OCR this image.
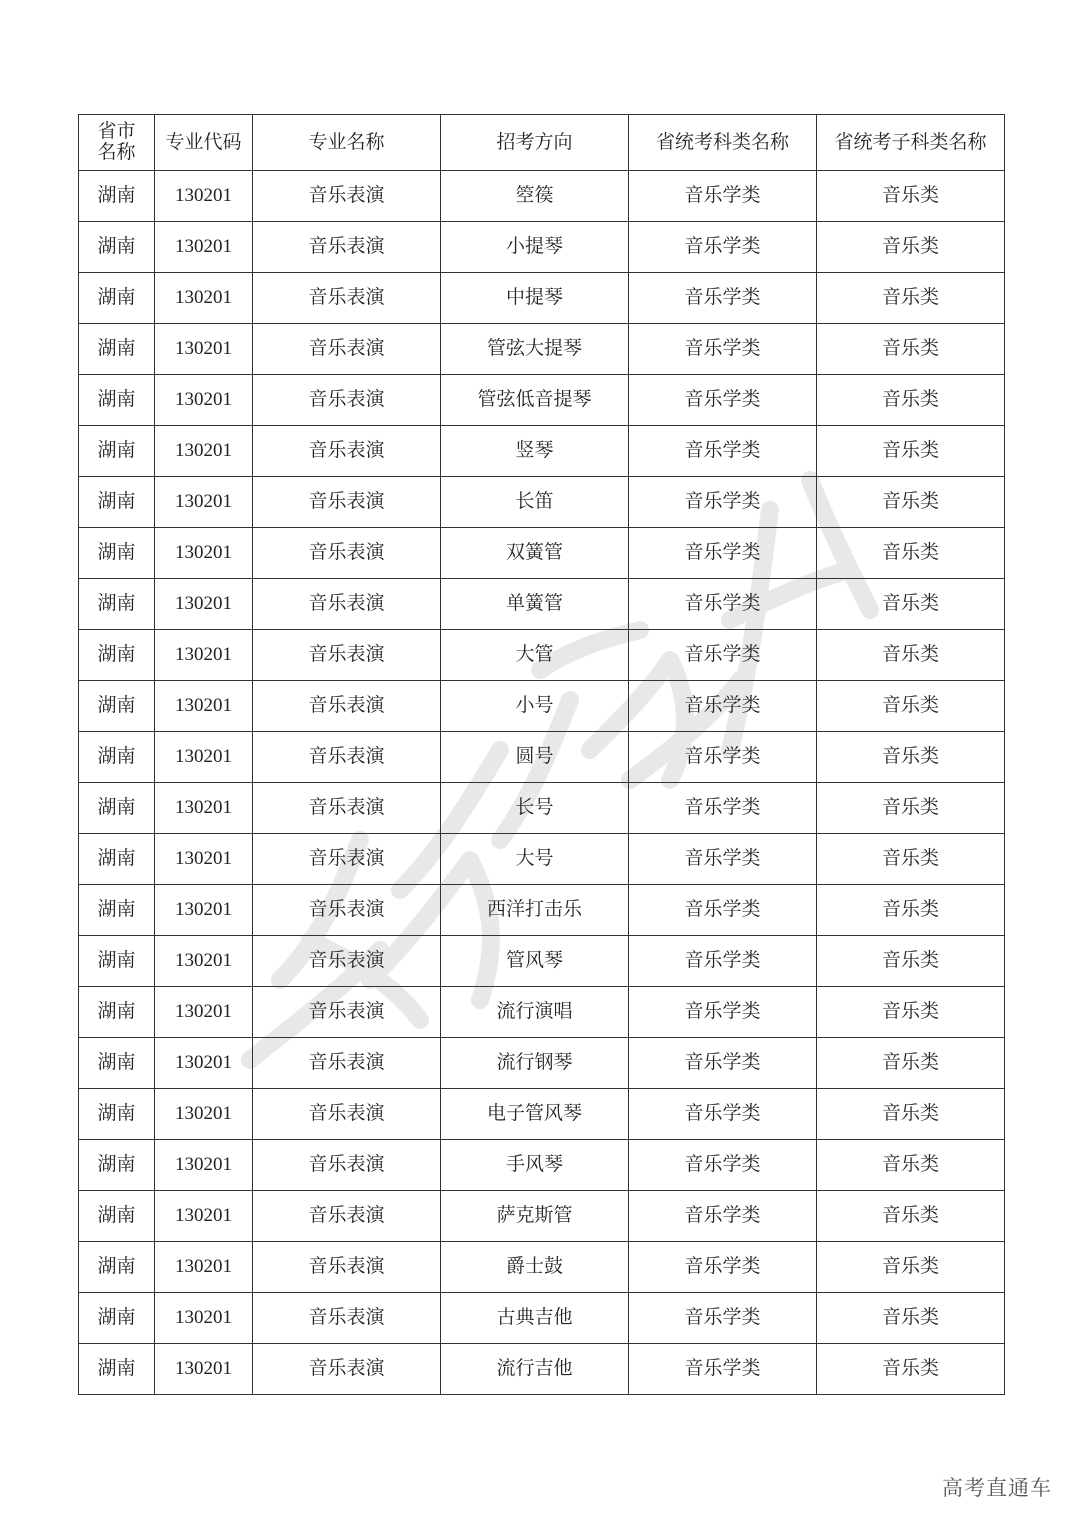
省市名称	专业代码	专业名称	招考方向	省统考科类名称	省统考子科类名称
湖南	130201	音乐表演	箜篌	音乐学类	音乐类
湖南	130201	音乐表演	小提琴	音乐学类	音乐类
湖南	130201	音乐表演	中提琴	音乐学类	音乐类
湖南	130201	音乐表演	管弦大提琴	音乐学类	音乐类
湖南	130201	音乐表演	管弦低音提琴	音乐学类	音乐类
湖南	130201	音乐表演	竖琴	音乐学类	音乐类
湖南	130201	音乐表演	长笛	音乐学类	音乐类
湖南	130201	音乐表演	双簧管	音乐学类	音乐类
湖南	130201	音乐表演	单簧管	音乐学类	音乐类
湖南	130201	音乐表演	大管	音乐学类	音乐类
湖南	130201	音乐表演	小号	音乐学类	音乐类
湖南	130201	音乐表演	圆号	音乐学类	音乐类
湖南	130201	音乐表演	长号	音乐学类	音乐类
湖南	130201	音乐表演	大号	音乐学类	音乐类
湖南	130201	音乐表演	西洋打击乐	音乐学类	音乐类
湖南	130201	音乐表演	管风琴	音乐学类	音乐类
湖南	130201	音乐表演	流行演唱	音乐学类	音乐类
湖南	130201	音乐表演	流行钢琴	音乐学类	音乐类
湖南	130201	音乐表演	电子管风琴	音乐学类	音乐类
湖南	130201	音乐表演	手风琴	音乐学类	音乐类
湖南	130201	音乐表演	萨克斯管	音乐学类	音乐类
湖南	130201	音乐表演	爵士鼓	音乐学类	音乐类
湖南	130201	音乐表演	古典吉他	音乐学类	音乐类
湖南	130201	音乐表演	流行吉他	音乐学类	音乐类
高考直通车
